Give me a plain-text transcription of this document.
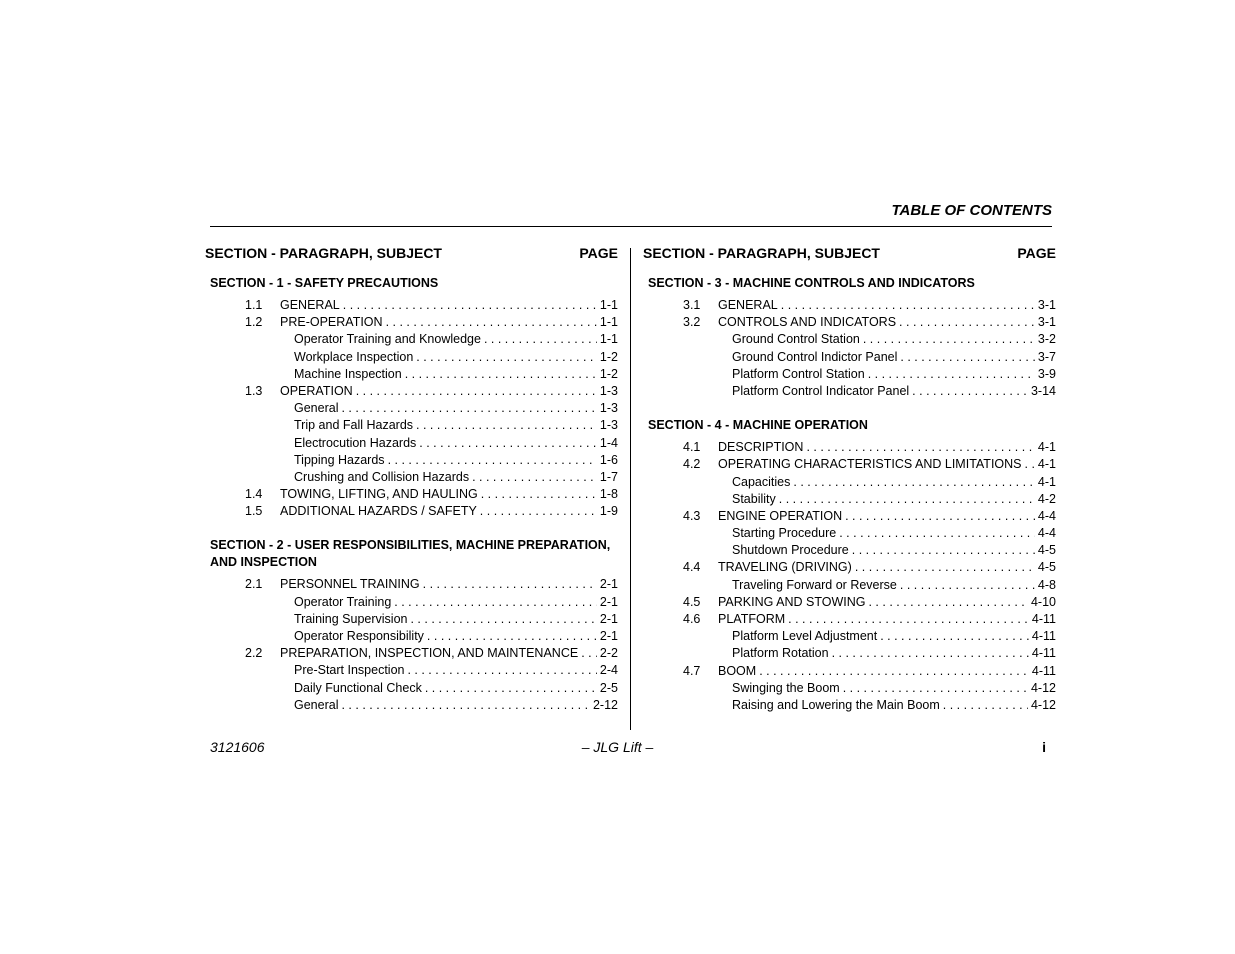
TABLE OF CONTENTS
SECTION - PARAGRAPH, SUBJECT	PAGE
SECTION - 1 - SAFETY PRECAUTIONS
1.1	GENERAL . . .	1-1
1.2	PRE-OPERATION . . .	1-1
Operator Training and Knowledge . . .	1-1
Workplace Inspection . . .	1-2
Machine Inspection . . .	1-2
1.3	OPERATION . . .	1-3
General . . .	1-3
Trip and Fall Hazards . . .	1-3
Electrocution Hazards . . .	1-4
Tipping Hazards . . .	1-6
Crushing and Collision Hazards . . .	1-7
1.4	TOWING, LIFTING, AND HAULING . . .	1-8
1.5	ADDITIONAL HAZARDS / SAFETY . . .	1-9
SECTION - 2 - USER RESPONSIBILITIES, MACHINE PREPARATION, AND INSPECTION
2.1	PERSONNEL TRAINING . . .	2-1
Operator Training . . .	2-1
Training Supervision . . .	2-1
Operator Responsibility . . .	2-1
2.2	PREPARATION, INSPECTION, AND MAINTENANCE . . . 2-2
Pre-Start Inspection . . .	2-4
Daily Functional Check . . .	2-5
General . . .	2-12
SECTION - PARAGRAPH, SUBJECT	PAGE
SECTION - 3 - MACHINE CONTROLS AND INDICATORS
3.1	GENERAL . . .	3-1
3.2	CONTROLS AND INDICATORS . . .	3-1
Ground Control Station . . .	3-2
Ground Control Indictor Panel . . .	3-7
Platform Control Station . . .	3-9
Platform Control Indicator Panel . . .	3-14
SECTION - 4 - MACHINE OPERATION
4.1	DESCRIPTION . . .	4-1
4.2	OPERATING CHARACTERISTICS AND LIMITATIONS . . . 4-1
Capacities . . .	4-1
Stability . . .	4-2
4.3	ENGINE OPERATION . . .	4-4
Starting Procedure . . .	4-4
Shutdown Procedure . . .	4-5
4.4	TRAVELING (DRIVING) . . .	4-5
Traveling Forward or Reverse . . .	4-8
4.5	PARKING AND STOWING . . .	4-10
4.6	PLATFORM . . .	4-11
Platform Level Adjustment . . .	4-11
Platform Rotation . . .	4-11
4.7	BOOM . . .	4-11
Swinging the Boom . . .	4-12
Raising and Lowering the Main Boom . . .	4-12
3121606	– JLG Lift –	i
